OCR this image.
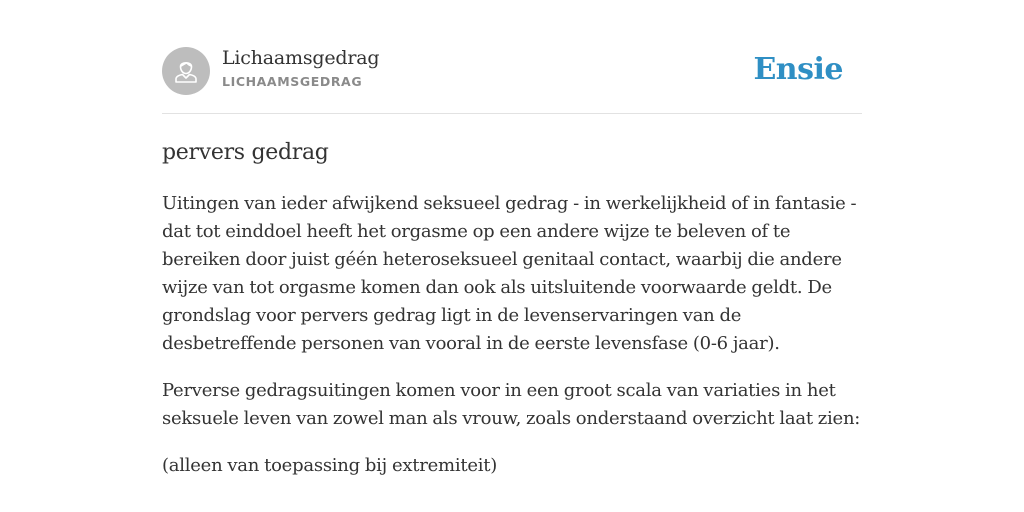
Lichaamsgedrag
LICHAAMSGEDRAG	Ensie
pervers gedrag

Uitingen van ieder afwijkend seksueel gedrag - in werkelijkheid of in fantasie - dat tot einddoel heeft het orgasme op een andere wijze te beleven of te bereiken door juist géén heteroseksueel genitaal contact, waarbij die andere wijze van tot orgasme komen dan ook als uitsluitende voorwaarde geldt. De grondslag voor pervers gedrag ligt in de levenservaringen van de desbetreffende personen van vooral in de eerste levensfase (0-6 jaar).

Perverse gedragsuitingen komen voor in een groot scala van variaties in het seksuele leven van zowel man als vrouw, zoals onderstaand overzicht laat zien:

(alleen van toepassing bij extremiteit)
